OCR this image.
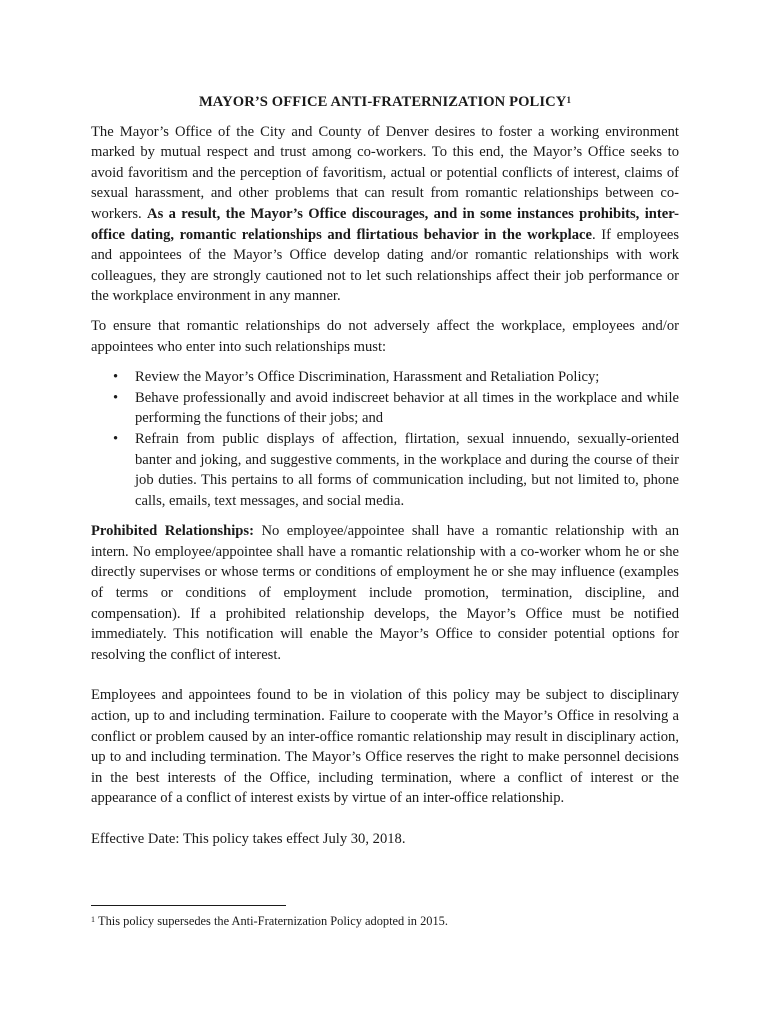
MAYOR’S OFFICE ANTI-FRATERNIZATION POLICY$^1$

The Mayor’s Office of the City and County of Denver desires to foster a working environment marked by mutual respect and trust among co-workers. To this end, the Mayor’s Office seeks to avoid favoritism and the perception of favoritism, actual or potential conflicts of interest, claims of sexual harassment, and other problems that can result from romantic relationships between co-workers. As a result, the Mayor’s Office discourages, and in some instances prohibits, inter-office dating, romantic relationships and flirtatious behavior in the workplace. If employees and appointees of the Mayor’s Office develop dating and/or romantic relationships with work colleagues, they are strongly cautioned not to let such relationships affect their job performance or the workplace environment in any manner.

To ensure that romantic relationships do not adversely affect the workplace, employees and/or appointees who enter into such relationships must:

• Review the Mayor’s Office Discrimination, Harassment and Retaliation Policy;
• Behave professionally and avoid indiscreet behavior at all times in the workplace and while performing the functions of their jobs; and
• Refrain from public displays of affection, flirtation, sexual innuendo, sexually-oriented banter and joking, and suggestive comments, in the workplace and during the course of their job duties. This pertains to all forms of communication including, but not limited to, phone calls, emails, text messages, and social media.

Prohibited Relationships: No employee/appointee shall have a romantic relationship with an intern. No employee/appointee shall have a romantic relationship with a co-worker whom he or she directly supervises or whose terms or conditions of employment he or she may influence (examples of terms or conditions of employment include promotion, termination, discipline, and compensation). If a prohibited relationship develops, the Mayor’s Office must be notified immediately. This notification will enable the Mayor’s Office to consider potential options for resolving the conflict of interest.

Employees and appointees found to be in violation of this policy may be subject to disciplinary action, up to and including termination. Failure to cooperate with the Mayor’s Office in resolving a conflict or problem caused by an inter-office romantic relationship may result in disciplinary action, up to and including termination. The Mayor’s Office reserves the right to make personnel decisions in the best interests of the Office, including termination, where a conflict of interest or the appearance of a conflict of interest exists by virtue of an inter-office relationship.

Effective Date: This policy takes effect July 30, 2018.

$^1$ This policy supersedes the Anti-Fraternization Policy adopted in 2015.
